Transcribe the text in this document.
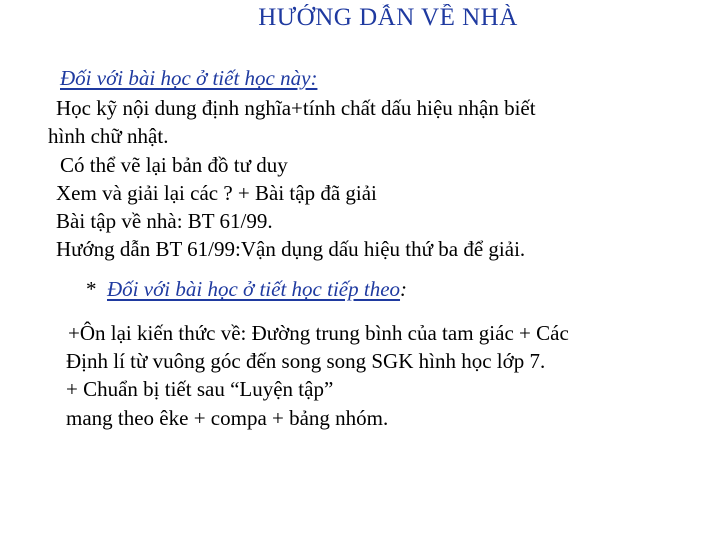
HƯỚNG DẪN VỀ NHÀ
Đối với bài học ở tiết học này:
Học kỹ nội dung định nghĩa+tính chất dấu hiệu nhận biết
hình chữ nhật.
Có thể vẽ lại bản đồ tư duy
Xem và giải lại các ? + Bài tập đã giải
Bài tập về nhà: BT 61/99.
Hướng dẫn BT 61/99:Vận dụng dấu hiệu thứ ba để giải.
* Đối với bài học ở tiết học tiếp theo:
+Ôn lại kiến thức về: Đường trung bình của tam giác + Các
Định lí từ vuông góc đến song song SGK hình học lớp 7.
+ Chuẩn bị tiết sau “Luyện tập”
mang theo êke + compa + bảng nhóm.
